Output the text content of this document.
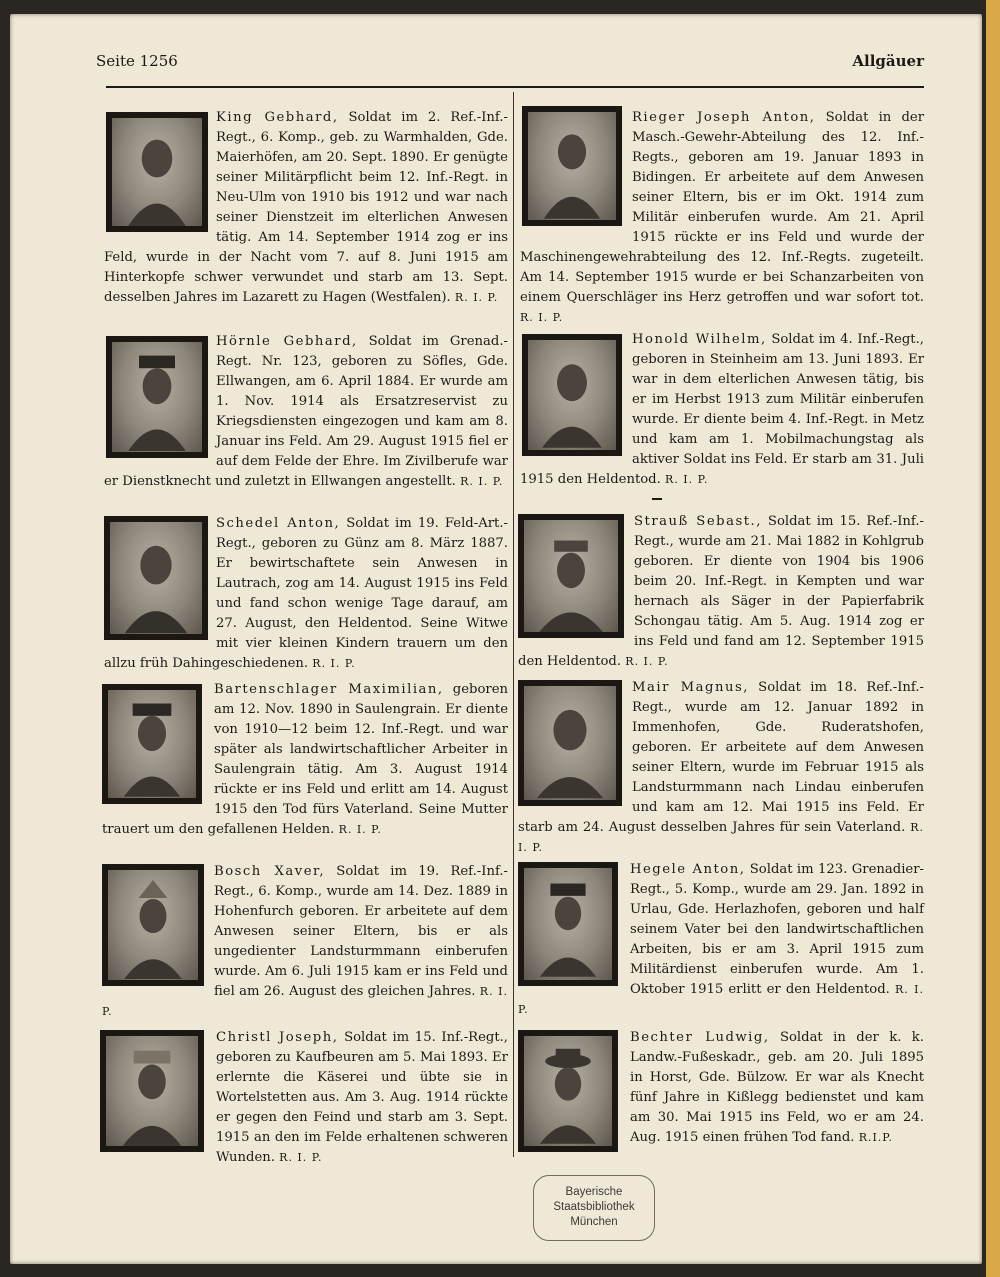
Seite 1256	Allgäuer
King Gebhard, Soldat im 2. Ref.-Inf.-Regt., 6. Komp., geb. zu Warmhalden, Gde. Maierhöfen, am 20. Sept. 1890. Er genügte seiner Militärpflicht beim 12. Inf.-Regt. in Neu-Ulm von 1910 bis 1912 und war nach seiner Dienstzeit im elterlichen Anwesen tätig. Am 14. September 1914 zog er ins Feld, wurde in der Nacht vom 7. auf 8. Juni 1915 am Hinterkopfe schwer verwundet und starb am 13. Sept. desselben Jahres im Lazarett zu Hagen (Westfalen). R. I. P.
Hörnle Gebhard, Soldat im Grenad.-Regt. Nr. 123, geboren zu Söfles, Gde. Ellwangen, am 6. April 1884. Er wurde am 1. Nov. 1914 als Ersatzreservist zu Kriegsdiensten eingezogen und kam am 8. Januar ins Feld. Am 29. August 1915 fiel er auf dem Felde der Ehre. Im Zivilberufe war er Dienstknecht und zuletzt in Ellwangen angestellt. R. I. P.
Schedel Anton, Soldat im 19. Feld-Art.-Regt., geboren zu Günz am 8. März 1887. Er bewirtschaftete sein Anwesen in Lautrach, zog am 14. August 1915 ins Feld und fand schon wenige Tage darauf, am 27. August, den Heldentod. Seine Witwe mit vier kleinen Kindern trauern um den allzu früh Dahingeschiedenen. R. I. P.
Bartenschlager Maximilian, geboren am 12. Nov. 1890 in Saulengrain. Er diente von 1910—12 beim 12. Inf.-Regt. und war später als landwirtschaftlicher Arbeiter in Saulengrain tätig. Am 3. August 1914 rückte er ins Feld und erlitt am 14. August 1915 den Tod fürs Vaterland. Seine Mutter trauert um den gefallenen Helden. R. I. P.
Bosch Xaver, Soldat im 19. Ref.-Inf.-Regt., 6. Komp., wurde am 14. Dez. 1889 in Hohenfurch geboren. Er arbeitete auf dem Anwesen seiner Eltern, bis er als ungedienter Landsturmmann einberufen wurde. Am 6. Juli 1915 kam er ins Feld und fiel am 26. August des gleichen Jahres. R. I. P.
Christl Joseph, Soldat im 15. Inf.-Regt., geboren zu Kaufbeuren am 5. Mai 1893. Er erlernte die Käserei und übte sie in Wortelstetten aus. Am 3. Aug. 1914 rückte er gegen den Feind und starb am 3. Sept. 1915 an den im Felde erhaltenen schweren Wunden. R. I. P.
Rieger Joseph Anton, Soldat in der Masch.-Gewehr-Abteilung des 12. Inf.-Regts., geboren am 19. Januar 1893 in Bidingen. Er arbeitete auf dem Anwesen seiner Eltern, bis er im Okt. 1914 zum Militär einberufen wurde. Am 21. April 1915 rückte er ins Feld und wurde der Maschinengewehrabteilung des 12. Inf.-Regts. zugeteilt. Am 14. September 1915 wurde er bei Schanzarbeiten von einem Querschläger ins Herz getroffen und war sofort tot. R. I. P.
Honold Wilhelm, Soldat im 4. Inf.-Regt., geboren in Steinheim am 13. Juni 1893. Er war in dem elterlichen Anwesen tätig, bis er im Herbst 1913 zum Militär einberufen wurde. Er diente beim 4. Inf.-Regt. in Metz und kam am 1. Mobilmachungstag als aktiver Soldat ins Feld. Er starb am 31. Juli 1915 den Heldentod. R. I. P.
Strauß Sebast., Soldat im 15. Ref.-Inf.-Regt., wurde am 21. Mai 1882 in Kohlgrub geboren. Er diente von 1904 bis 1906 beim 20. Inf.-Regt. in Kempten und war hernach als Säger in der Papierfabrik Schongau tätig. Am 5. Aug. 1914 zog er ins Feld und fand am 12. September 1915 den Heldentod. R. I. P.
Mair Magnus, Soldat im 18. Ref.-Inf.-Regt., wurde am 12. Januar 1892 in Immenhofen, Gde. Ruderatshofen, geboren. Er arbeitete auf dem Anwesen seiner Eltern, wurde im Februar 1915 als Landsturmmann nach Lindau einberufen und kam am 12. Mai 1915 ins Feld. Er starb am 24. August desselben Jahres für sein Vaterland. R. I. P.
Hegele Anton, Soldat im 123. Grenadier-Regt., 5. Komp., wurde am 29. Jan. 1892 in Urlau, Gde. Herlazhofen, geboren und half seinem Vater bei den landwirtschaftlichen Arbeiten, bis er am 3. April 1915 zum Militärdienst einberufen wurde. Am 1. Oktober 1915 erlitt er den Heldentod. R. I. P.
Bechter Ludwig, Soldat in der k. k. Landw.-Fußeskadr., geb. am 20. Juli 1895 in Horst, Gde. Bülzow. Er war als Knecht fünf Jahre in Kißlegg bedienstet und kam am 30. Mai 1915 ins Feld, wo er am 24. Aug. 1915 einen frühen Tod fand. R.I.P.
Bayerische
Staatsbibliothek
München
